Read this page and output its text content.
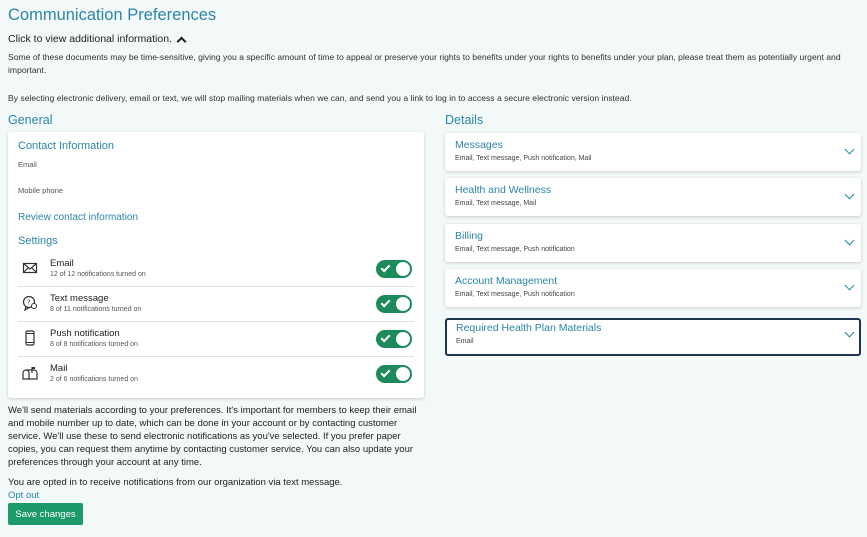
Communication Preferences
Click to view additional information.
Some of these documents may be time-sensitive, giving you a specific amount of time to appeal or preserve your rights to benefits under your rights to benefits under your plan, please treat them as potentially urgent and important.
By selecting electronic delivery, email or text, we will stop mailing materials when we can, and send you a link to log in to access a secure electronic version instead.
General	Details
Contact Information
Email
Mobile phone
Review contact information
Settings
Email
12 of 12 notifications turned on
? Text message
8 of 11 notifications turned on
Push notification
8 of 8 notifications turned on
Mail
2 of 6 notifications turned on
Messages
Email, Text message, Push notification, Mail
Health and Wellness
Email, Text message, Mail
Billing
Email, Text message, Push notification
Account Management
Email, Text message, Push notification
Required Health Plan Materials
Email
We'll send materials according to your preferences. It's important for members to keep their email and mobile number up to date, which can be done in your account or by contacting customer service. We'll use these to send electronic notifications as you've selected. If you prefer paper copies, you can request them anytime by contacting customer service. You can also update your preferences through your account at any time.
You are opted in to receive notifications from our organization via text message.
Opt out
Save changes
